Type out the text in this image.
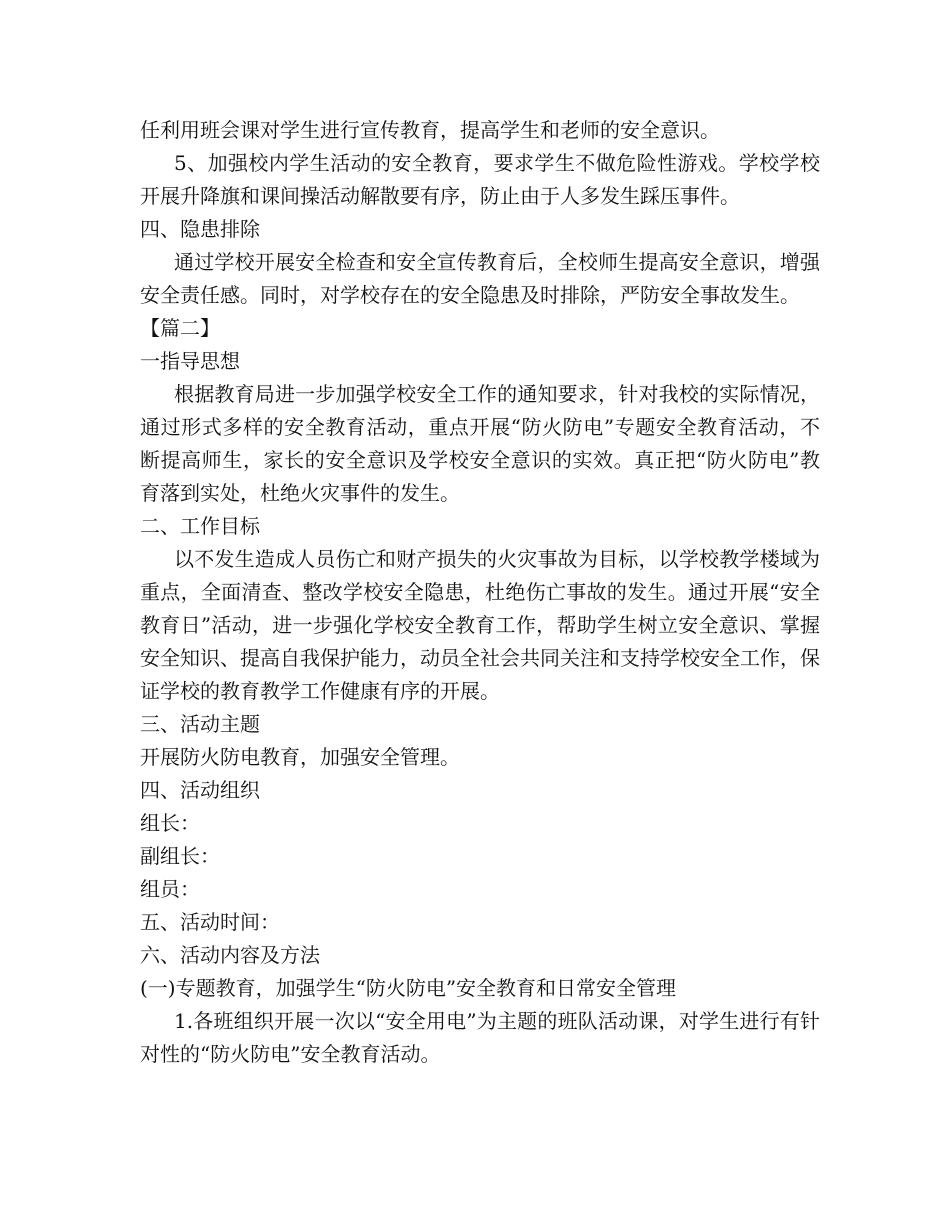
任利用班会课对学生进行宣传教育，提高学生和老师的安全意识。

5、加强校内学生活动的安全教育，要求学生不做危险性游戏。学校学校开展升降旗和课间操活动解散要有序，防止由于人多发生踩压事件。

四、隐患排除

通过学校开展安全检查和安全宣传教育后，全校师生提高安全意识，增强安全责任感。同时，对学校存在的安全隐患及时排除，严防安全事故发生。

【篇二】

一指导思想

根据教育局进一步加强学校安全工作的通知要求，针对我校的实际情况，通过形式多样的安全教育活动，重点开展“防火防电”专题安全教育活动，不断提高师生，家长的安全意识及学校安全意识的实效。真正把“防火防电”教育落到实处，杜绝火灾事件的发生。

二、工作目标

以不发生造成人员伤亡和财产损失的火灾事故为目标，以学校教学楼域为重点，全面清查、整改学校安全隐患，杜绝伤亡事故的发生。通过开展“安全教育日”活动，进一步强化学校安全教育工作，帮助学生树立安全意识、掌握安全知识、提高自我保护能力，动员全社会共同关注和支持学校安全工作，保证学校的教育教学工作健康有序的开展。

三、活动主题

开展防火防电教育，加强安全管理。

四、活动组织

组长：

副组长：

组员：

五、活动时间：

六、活动内容及方法

(一)专题教育，加强学生“防火防电”安全教育和日常安全管理

1.各班组织开展一次以“安全用电”为主题的班队活动课，对学生进行有针对性的“防火防电”安全教育活动。
